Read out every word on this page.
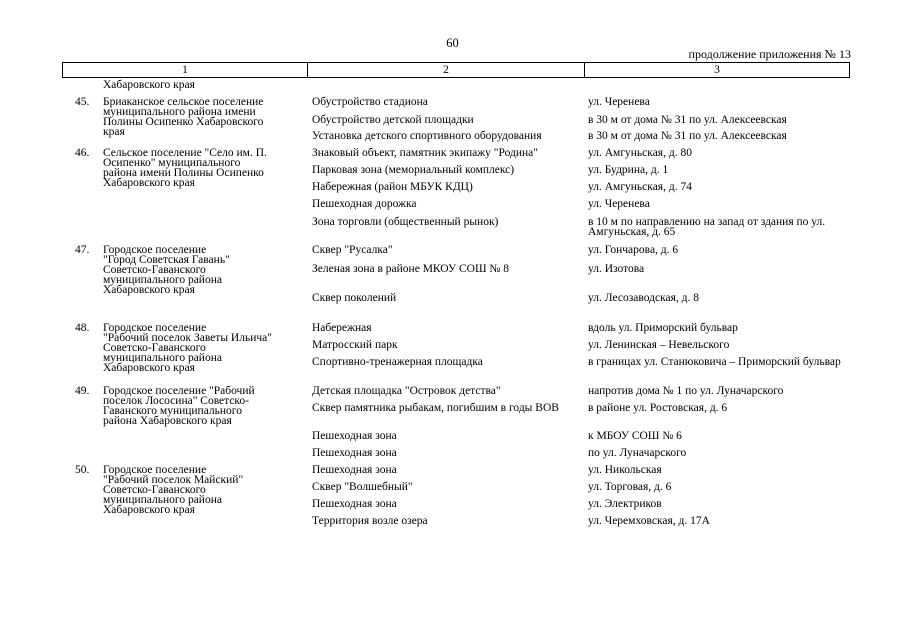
60
продолжение приложения № 13
1	2	3
Хабаровского края
45. Бриаканское сельское поселение
муниципального района имени
Полины Осипенко Хабаровского
края
Обустройство стадиона	ул. Черенева
Обустройство детской площадки	в 30 м от дома № 31 по ул. Алексеевская
Установка детского спортивного оборудования	в 30 м от дома № 31 по ул. Алексеевская
46. Сельское поселение "Село им. П.
Осипенко" муниципального
района имени Полины Осипенко
Хабаровского края
Знаковый объект, памятник экипажу "Родина"	ул. Амгуньская, д. 80
Парковая зона (мемориальный комплекс)	ул. Будрина, д. 1
Набережная (район МБУК КДЦ)	ул. Амгуньская, д. 74
Пешеходная дорожка	ул. Черенева
Зона торговли (общественный рынок)	в 10 м по направлению на запад от здания по ул. Амгуньская, д. 65
47. Городское поселение
"Город Советская Гавань"
Советско-Гаванского
муниципального района
Хабаровского края
Сквер "Русалка"	ул. Гончарова, д. 6
Зеленая зона в районе МКОУ СОШ № 8	ул. Изотова
Сквер поколений	ул. Лесозаводская, д. 8
48. Городское поселение
"Рабочий поселок Заветы Ильича"
Советско-Гаванского
муниципального района
Хабаровского края
Набережная	вдоль ул. Приморский бульвар
Матросский парк	ул. Ленинская – Невельского
Спортивно-тренажерная площадка	в границах ул. Станюковича – Приморский бульвар
49. Городское поселение "Рабочий
поселок Лососина" Советско-
Гаванского муниципального
района Хабаровского края
Детская площадка "Островок детства"	напротив дома № 1 по ул. Луначарского
Сквер памятника рыбакам, погибшим в годы ВОВ	в районе ул. Ростовская, д. 6
Пешеходная зона	к МБОУ СОШ № 6
Пешеходная зона	по ул. Луначарского
50. Городское поселение
"Рабочий поселок Майский"
Советско-Гаванского
муниципального района
Хабаровского края
Пешеходная зона	ул. Никольская
Сквер "Волшебный"	ул. Торговая, д. 6
Пешеходная зона	ул. Электриков
Территория возле озера	ул. Черемховская, д. 17А
